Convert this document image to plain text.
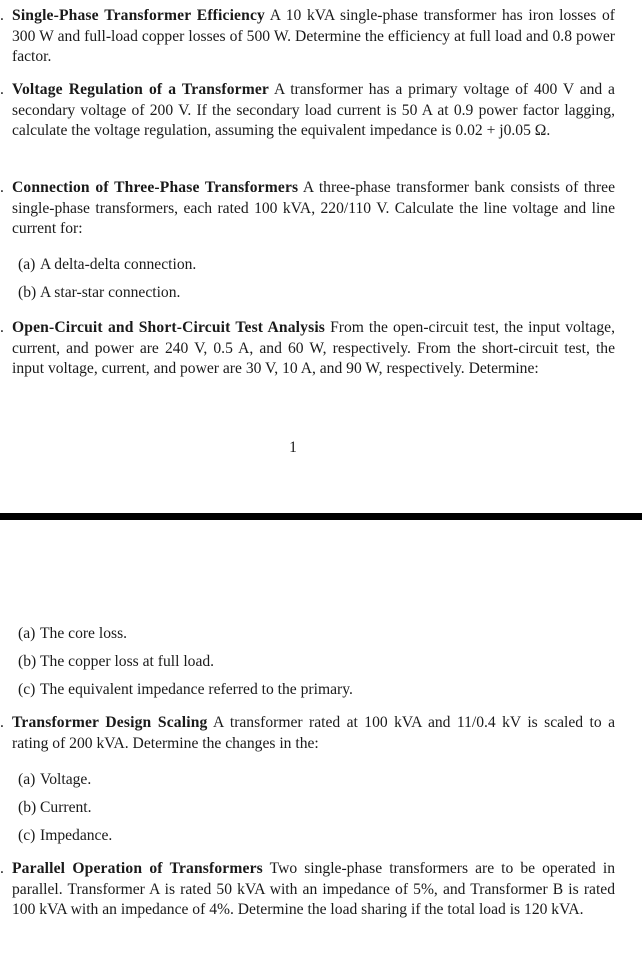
. Single-Phase Transformer Efficiency A 10 kVA single-phase transformer has iron losses of 300 W and full-load copper losses of 500 W. Determine the efficiency at full load and 0.8 power factor.
. Voltage Regulation of a Transformer A transformer has a primary voltage of 400 V and a secondary voltage of 200 V. If the secondary load current is 50 A at 0.9 power factor lagging, calculate the voltage regulation, assuming the equivalent impedance is 0.02 + j0.05 Ω.
. Connection of Three-Phase Transformers A three-phase transformer bank consists of three single-phase transformers, each rated 100 kVA, 220/110 V. Calculate the line voltage and line current for:
(a) A delta-delta connection.
(b) A star-star connection.
. Open-Circuit and Short-Circuit Test Analysis From the open-circuit test, the input voltage, current, and power are 240 V, 0.5 A, and 60 W, respectively. From the short-circuit test, the input voltage, current, and power are 30 V, 10 A, and 90 W, respectively. Determine:
1
(a) The core loss.
(b) The copper loss at full load.
(c) The equivalent impedance referred to the primary.
. Transformer Design Scaling A transformer rated at 100 kVA and 11/0.4 kV is scaled to a rating of 200 kVA. Determine the changes in the:
(a) Voltage.
(b) Current.
(c) Impedance.
. Parallel Operation of Transformers Two single-phase transformers are to be operated in parallel. Transformer A is rated 50 kVA with an impedance of 5%, and Transformer B is rated 100 kVA with an impedance of 4%. Determine the load sharing if the total load is 120 kVA.
